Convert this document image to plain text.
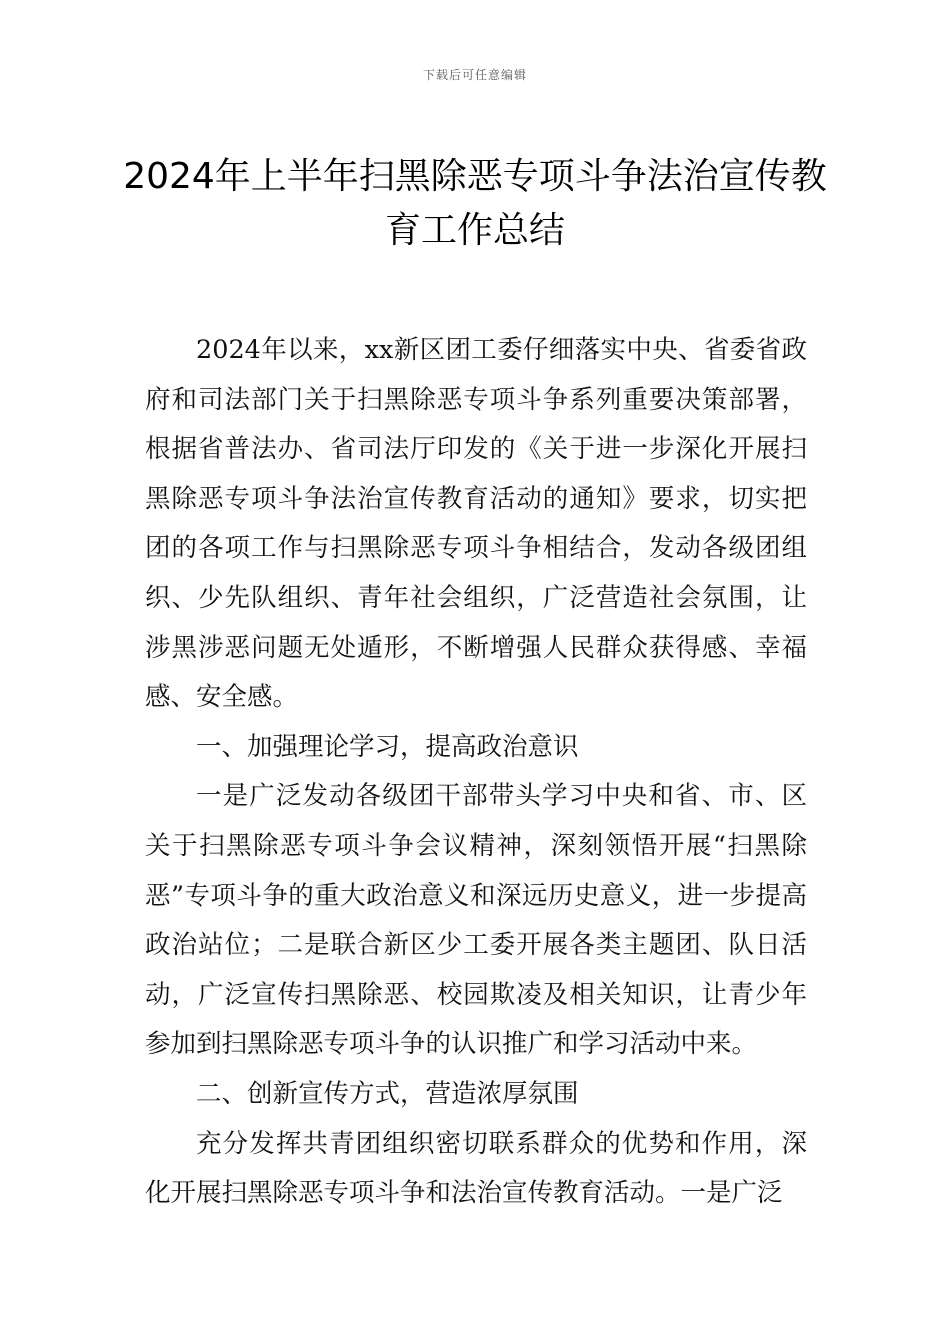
下载后可任意编辑
2024年上半年扫黑除恶专项斗争法治宣传教育工作总结

2024年以来，xx新区团工委仔细落实中央、省委省政府和司法部门关于扫黑除恶专项斗争系列重要决策部署，根据省普法办、省司法厅印发的《关于进一步深化开展扫黑除恶专项斗争法治宣传教育活动的通知》要求，切实把团的各项工作与扫黑除恶专项斗争相结合，发动各级团组织、少先队组织、青年社会组织，广泛营造社会氛围，让涉黑涉恶问题无处遁形，不断增强人民群众获得感、幸福感、安全感。

一、加强理论学习，提高政治意识

一是广泛发动各级团干部带头学习中央和省、市、区关于扫黑除恶专项斗争会议精神，深刻领悟开展“扫黑除恶”专项斗争的重大政治意义和深远历史意义，进一步提高政治站位；二是联合新区少工委开展各类主题团、队日活动，广泛宣传扫黑除恶、校园欺凌及相关知识，让青少年参加到扫黑除恶专项斗争的认识推广和学习活动中来。

二、创新宣传方式，营造浓厚氛围

充分发挥共青团组织密切联系群众的优势和作用，深化开展扫黑除恶专项斗争和法治宣传教育活动。一是广泛
